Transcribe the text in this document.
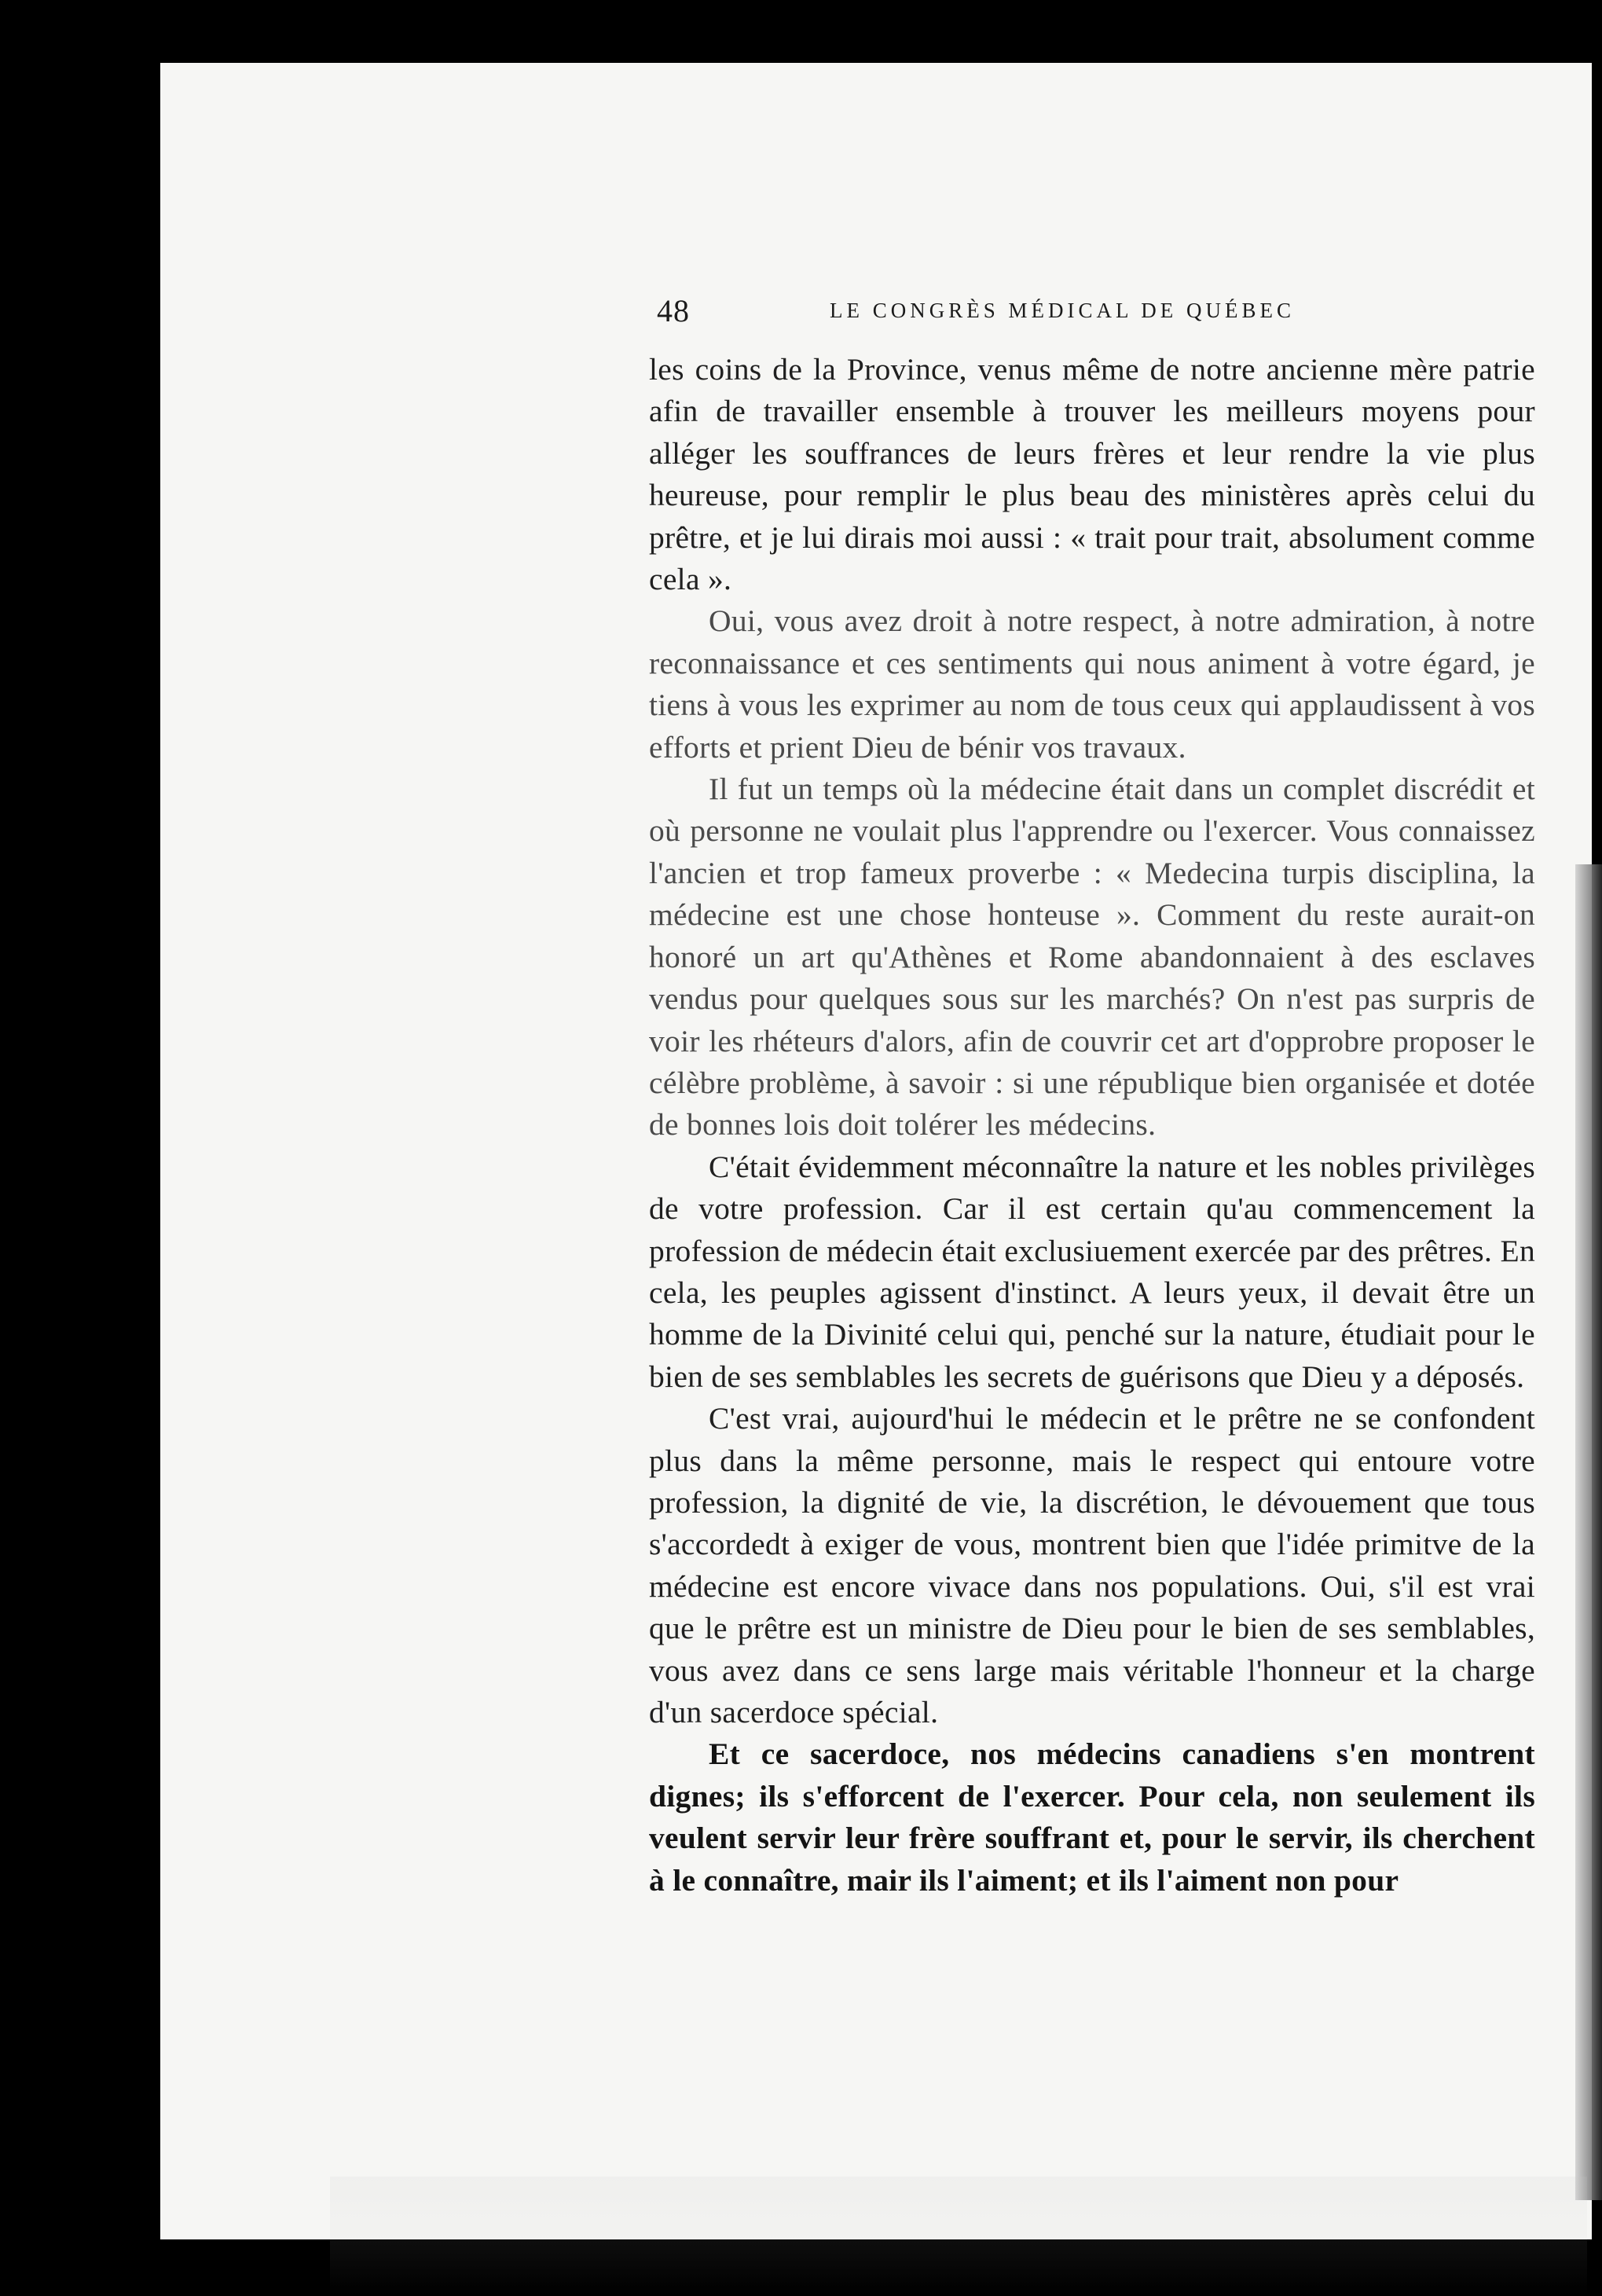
48	LE CONGRÈS MÉDICAL DE QUÉBEC

les coins de la Province, venus même de notre ancienne mère patrie afin de travailler ensemble à trouver les meilleurs moyens pour alléger les souffrances de leurs frères et leur rendre la vie plus heureuse, pour remplir le plus beau des ministères après celui du prêtre, et je lui dirais moi aussi : « trait pour trait, absolument comme cela ».

Oui, vous avez droit à notre respect, à notre admiration, à notre reconnaissance et ces sentiments qui nous animent à votre égard, je tiens à vous les exprimer au nom de tous ceux qui applaudissent à vos efforts et prient Dieu de bénir vos travaux.

Il fut un temps où la médecine était dans un complet discrédit et où personne ne voulait plus l'apprendre ou l'exercer. Vous connaissez l'ancien et trop fameux proverbe : « Medecina turpis disciplina, la médecine est une chose honteuse ». Comment du reste aurait-on honoré un art qu'Athènes et Rome abandonnaient à des esclaves vendus pour quelques sous sur les marchés? On n'est pas surpris de voir les rhéteurs d'alors, afin de couvrir cet art d'opprobre proposer le célèbre problème, à savoir : si une république bien organisée et dotée de bonnes lois doit tolérer les médecins.

C'était évidemment méconnaître la nature et les nobles privilèges de votre profession. Car il est certain qu'au commencement la profession de médecin était exclusiuement exercée par des prêtres. En cela, les peuples agissent d'instinct. A leurs yeux, il devait être un homme de la Divinité celui qui, penché sur la nature, étudiait pour le bien de ses semblables les secrets de guérisons que Dieu y a déposés.

C'est vrai, aujourd'hui le médecin et le prêtre ne se confondent plus dans la même personne, mais le respect qui entoure votre profession, la dignité de vie, la discrétion, le dévouement que tous s'accordedt à exiger de vous, montrent bien que l'idée primitve de la médecine est encore vivace dans nos populations. Oui, s'il est vrai que le prêtre est un ministre de Dieu pour le bien de ses semblables, vous avez dans ce sens large mais véritable l'honneur et la charge d'un sacerdoce spécial.

Et ce sacerdoce, nos médecins canadiens s'en montrent dignes; ils s'efforcent de l'exercer. Pour cela, non seulement ils veulent servir leur frère souffrant et, pour le servir, ils cherchent à le connaître, mair ils l'aiment; et ils l'aiment non pour
